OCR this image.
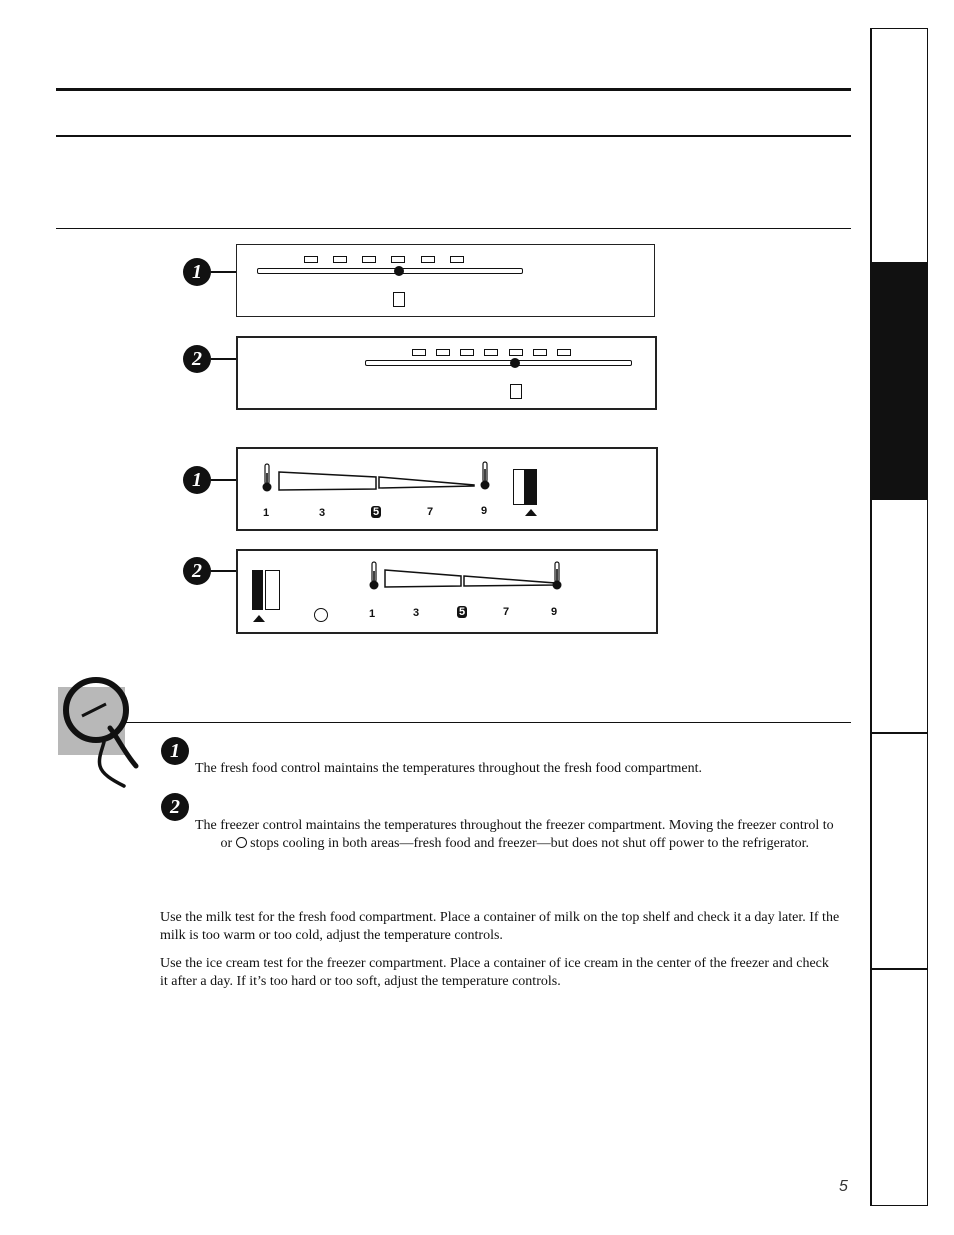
1
2
1
1	3	5	7	9
2
1	3	5	7	9
1
The fresh food control maintains the temperatures throughout the fresh food compartment.
2
The freezer control maintains the temperatures throughout the freezer compartment. Moving the freezer control to  or stops cooling in both areas—fresh food and freezer—but does not shut off power to the refrigerator.
Use the milk test for the fresh food compartment. Place a container of milk on the top shelf and check it a day later. If the milk is too warm or too cold, adjust the temperature controls.
Use the ice cream test for the freezer compartment. Place a container of ice cream in the center of the freezer and check it after a day. If it’s too hard or too soft, adjust the temperature controls.
5
